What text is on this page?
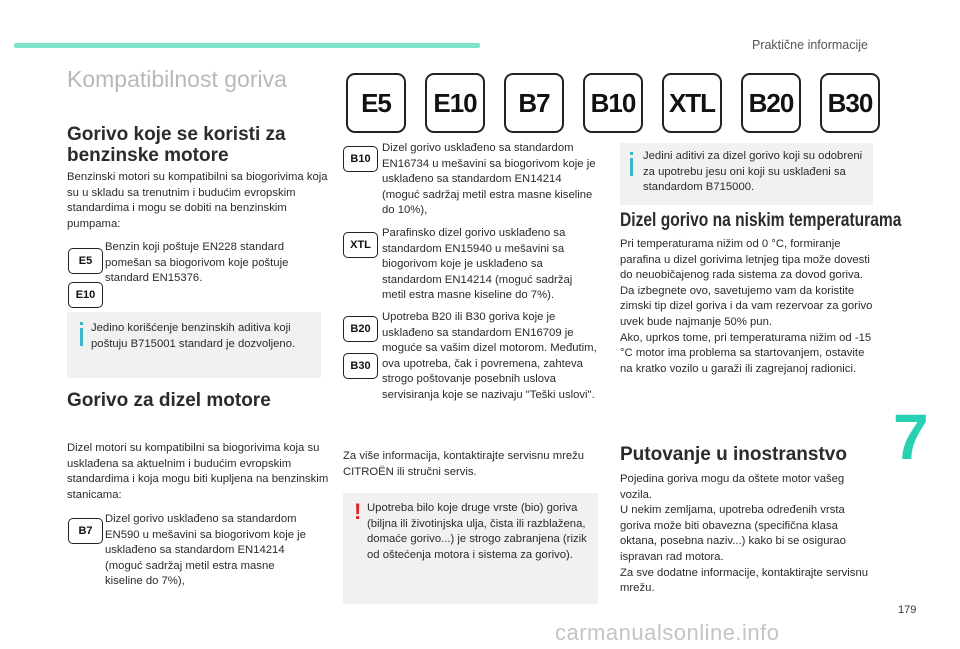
Praktične informacije
7
179
carmanualsonline.info
Kompatibilnost goriva
E5	E10	B7	B10 XTL B20 B30
Gorivo koje se koristi za
benzinske motore
Benzinski motori su kompatibilni sa biogorivima koja su u skladu sa trenutnim i budućim evropskim standardima i mogu se dobiti na benzinskim pumpama:
E5
E10
Benzin koji poštuje EN228 standard pomešan sa biogorivom koje poštuje standard EN15376.
Jedino korišćenje benzinskih aditiva koji poštuju B715001 standard je dozvoljeno.
Gorivo za dizel motore
Dizel motori su kompatibilni sa biogorivima koja su usklađena sa aktuelnim i budućim evropskim standardima i koja mogu biti kupljena na benzinskim stanicama:
B7
Dizel gorivo usklađeno sa standardom EN590 u mešavini sa biogorivom koje je usklađeno sa standardom EN14214 (moguć sadržaj metil estra masne kiseline do 7%),
B10
Dizel gorivo usklađeno sa standardom EN16734 u mešavini sa biogorivom koje je usklađeno sa standardom EN14214 (moguć sadržaj metil estra masne kiseline do 10%),
XTL
Parafinsko dizel gorivo usklađeno sa standardom EN15940 u mešavini sa biogorivom koje je usklađeno sa standardom EN14214 (moguć sadržaj metil estra masne kiseline do 7%).
B20
B30
Upotreba B20 ili B30 goriva koje je usklađeno sa standardom EN16709 je moguće sa vašim dizel motorom. Međutim, ova upotreba, čak i povremena, zahteva strogo poštovanje posebnih uslova servisiranja koje se nazivaju "Teški uslovi".
Za više informacija, kontaktirajte servisnu mrežu CITROËN ili stručni servis.
! Upotreba bilo koje druge vrste (bio) goriva (biljna ili životinjska ulja, čista ili razblažena, domaće gorivo...) je strogo zabranjena (rizik od oštećenja motora i sistema za gorivo).
Jedini aditivi za dizel gorivo koji su odobreni za upotrebu jesu oni koji su usklađeni sa standardom B715000.
Dizel gorivo na niskim temperaturama
Pri temperaturama nižim od 0 °C, formiranje parafina u dizel gorivima letnjeg tipa može dovesti do neuobičajenog rada sistema za dovod goriva. Da izbegnete ovo, savetujemo vam da koristite zimski tip dizel goriva i da vam rezervoar za gorivo uvek bude najmanje 50% pun.
Ako, uprkos tome, pri temperaturama nižim od -15 °C motor ima problema sa startovanjem, ostavite na kratko vozilo u garaži ili zagrejanoj radionici.
Putovanje u inostranstvo
Pojedina goriva mogu da oštete motor vašeg vozila.
U nekim zemljama, upotreba određenih vrsta goriva može biti obavezna (specifična klasa oktana, posebna naziv...) kako bi se osigurao ispravan rad motora.
Za sve dodatne informacije, kontaktirajte servisnu mrežu.
